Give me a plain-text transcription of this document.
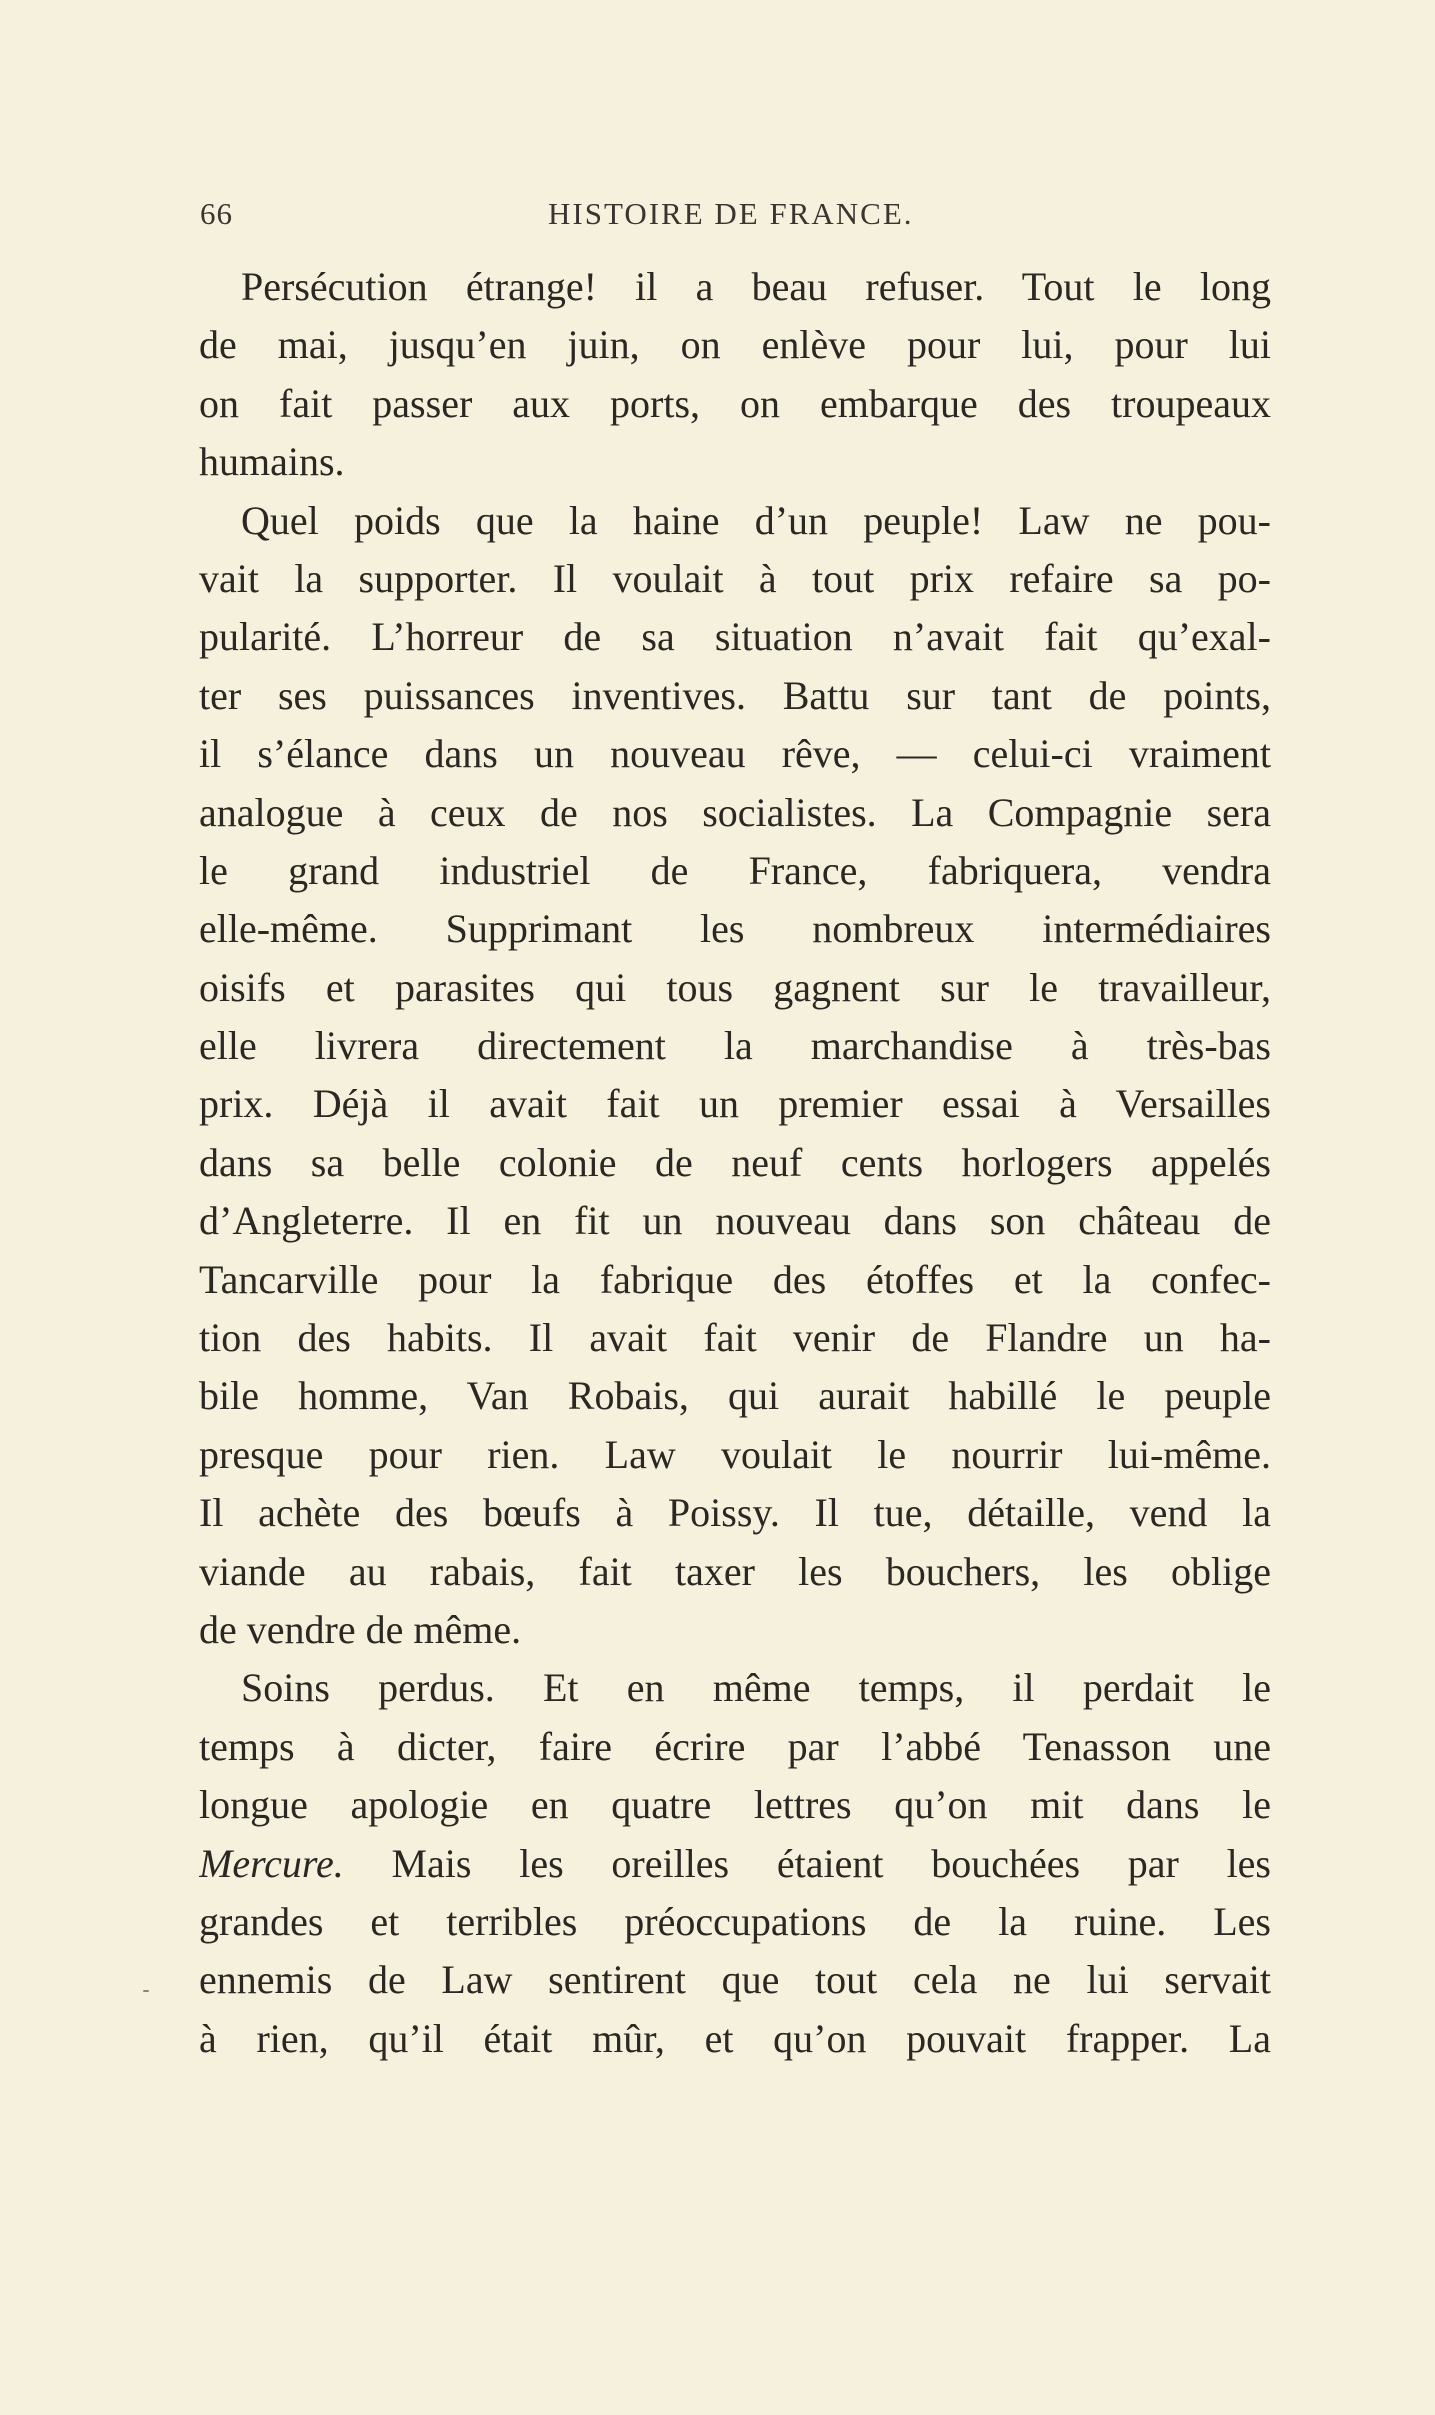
66	HISTOIRE DE FRANCE.
Persécution étrange! il a beau refuser. Tout le long
de mai, jusqu’en juin, on enlève pour lui, pour lui
on fait passer aux ports, on embarque des troupeaux
humains.
Quel poids que la haine d’un peuple! Law ne pou-
vait la supporter. Il voulait à tout prix refaire sa po-
pularité. L’horreur de sa situation n’avait fait qu’exal-
ter ses puissances inventives. Battu sur tant de points,
il s’élance dans un nouveau rêve, — celui-ci vraiment
analogue à ceux de nos socialistes. La Compagnie sera
le grand industriel de France, fabriquera, vendra
elle-même. Supprimant les nombreux intermédiaires
oisifs et parasites qui tous gagnent sur le travailleur,
elle livrera directement la marchandise à très-bas
prix. Déjà il avait fait un premier essai à Versailles
dans sa belle colonie de neuf cents horlogers appelés
d’Angleterre. Il en fit un nouveau dans son château de
Tancarville pour la fabrique des étoffes et la confec-
tion des habits. Il avait fait venir de Flandre un ha-
bile homme, Van Robais, qui aurait habillé le peuple
presque pour rien. Law voulait le nourrir lui-même.
Il achète des bœufs à Poissy. Il tue, détaille, vend la
viande au rabais, fait taxer les bouchers, les oblige
de vendre de même.
Soins perdus. Et en même temps, il perdait le
temps à dicter, faire écrire par l’abbé Tenasson une
longue apologie en quatre lettres qu’on mit dans le
Mercure. Mais les oreilles étaient bouchées par les
grandes et terribles préoccupations de la ruine. Les
ennemis de Law sentirent que tout cela ne lui servait
à rien, qu’il était mûr, et qu’on pouvait frapper. La
